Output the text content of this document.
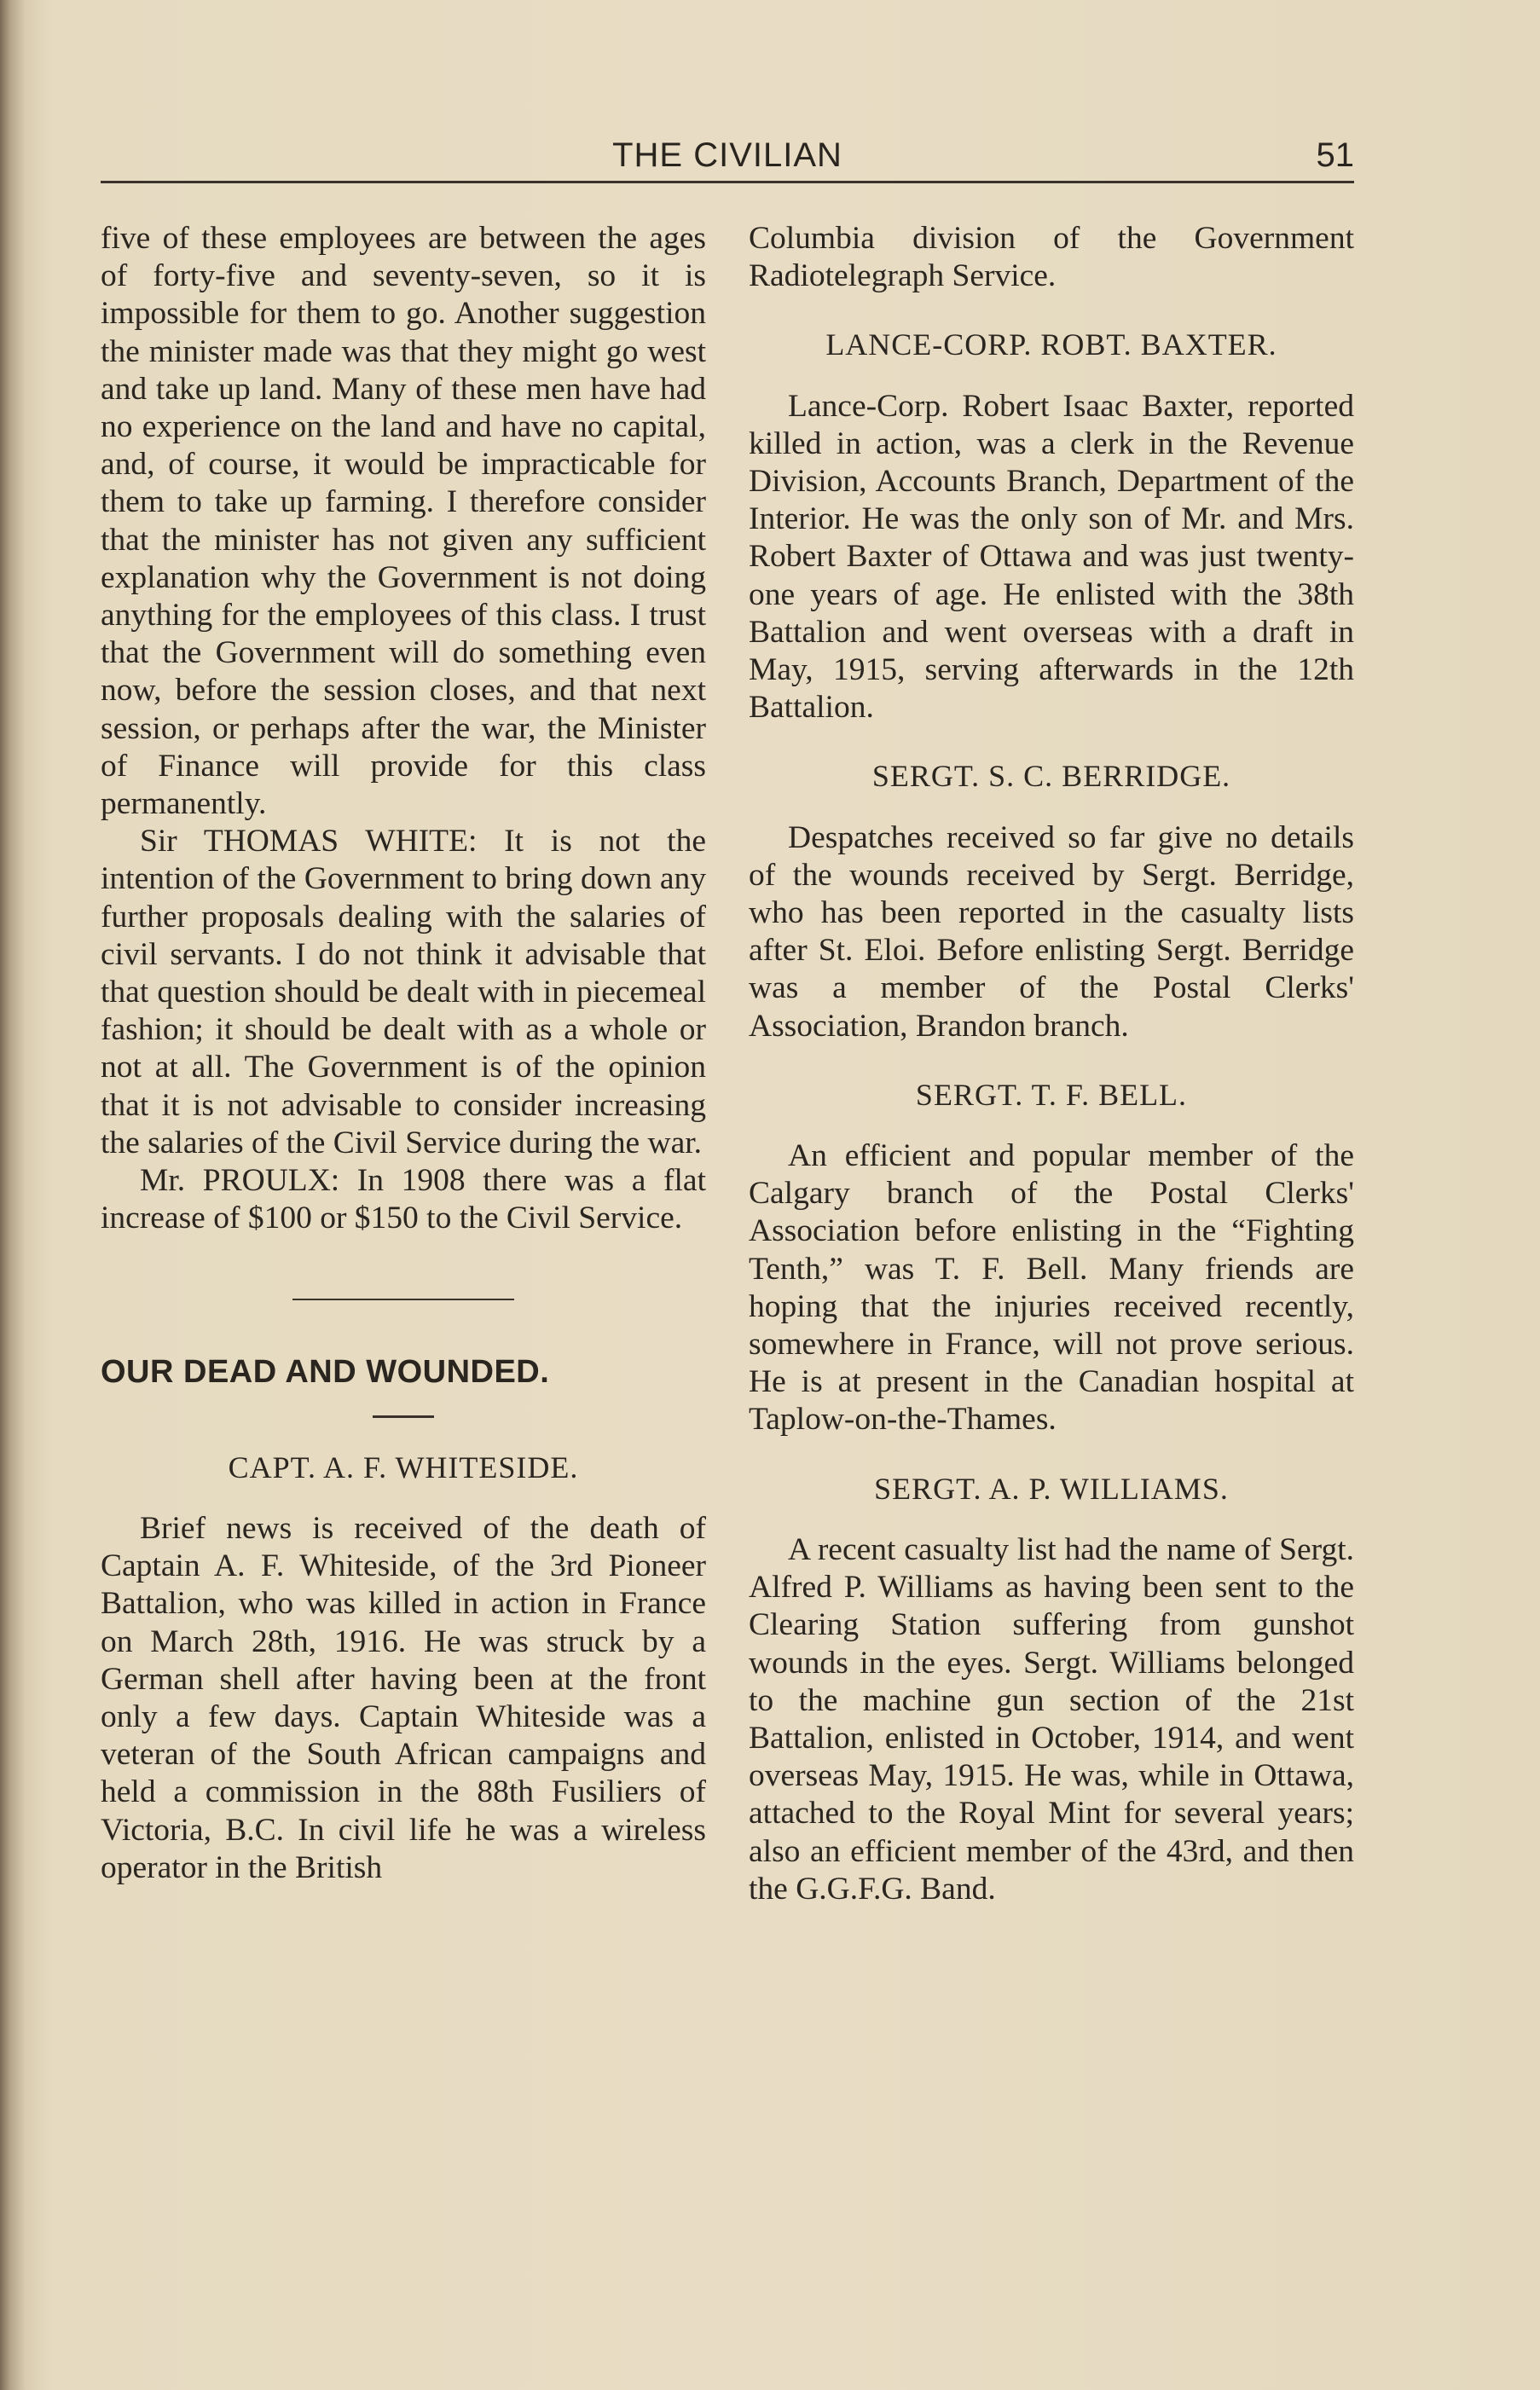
THE CIVILIAN	51

five of these employees are between the ages of forty-five and seventy-seven, so it is impossible for them to go. Another suggestion the minister made was that they might go west and take up land. Many of these men have had no experience on the land and have no capital, and, of course, it would be impracticable for them to take up farming. I therefore consider that the minister has not given any sufficient explanation why the Government is not doing anything for the employees of this class. I trust that the Government will do something even now, before the session closes, and that next session, or perhaps after the war, the Minister of Finance will provide for this class permanently.

Sir THOMAS WHITE: It is not the intention of the Government to bring down any further proposals dealing with the salaries of civil servants. I do not think it advisable that that question should be dealt with in piecemeal fashion; it should be dealt with as a whole or not at all. The Government is of the opinion that it is not advisable to consider increasing the salaries of the Civil Service during the war.

Mr. PROULX: In 1908 there was a flat increase of $100 or $150 to the Civil Service.

OUR DEAD AND WOUNDED.

CAPT. A. F. WHITESIDE.

Brief news is received of the death of Captain A. F. Whiteside, of the 3rd Pioneer Battalion, who was killed in action in France on March 28th, 1916. He was struck by a German shell after having been at the front only a few days. Captain Whiteside was a veteran of the South African campaigns and held a commission in the 88th Fusiliers of Victoria, B.C. In civil life he was a wireless operator in the British

Columbia division of the Government Radiotelegraph Service.

LANCE-CORP. ROBT. BAXTER.

Lance-Corp. Robert Isaac Baxter, reported killed in action, was a clerk in the Revenue Division, Accounts Branch, Department of the Interior. He was the only son of Mr. and Mrs. Robert Baxter of Ottawa and was just twenty-one years of age. He enlisted with the 38th Battalion and went overseas with a draft in May, 1915, serving afterwards in the 12th Battalion.

SERGT. S. C. BERRIDGE.

Despatches received so far give no details of the wounds received by Sergt. Berridge, who has been reported in the casualty lists after St. Eloi. Before enlisting Sergt. Berridge was a member of the Postal Clerks' Association, Brandon branch.

SERGT. T. F. BELL.

An efficient and popular member of the Calgary branch of the Postal Clerks' Association before enlisting in the “Fighting Tenth,” was T. F. Bell. Many friends are hoping that the injuries received recently, somewhere in France, will not prove serious. He is at present in the Canadian hospital at Taplow-on-the-Thames.

SERGT. A. P. WILLIAMS.

A recent casualty list had the name of Sergt. Alfred P. Williams as having been sent to the Clearing Station suffering from gunshot wounds in the eyes. Sergt. Williams belonged to the machine gun section of the 21st Battalion, enlisted in October, 1914, and went overseas May, 1915. He was, while in Ottawa, attached to the Royal Mint for several years; also an efficient member of the 43rd, and then the G.G.F.G. Band.
